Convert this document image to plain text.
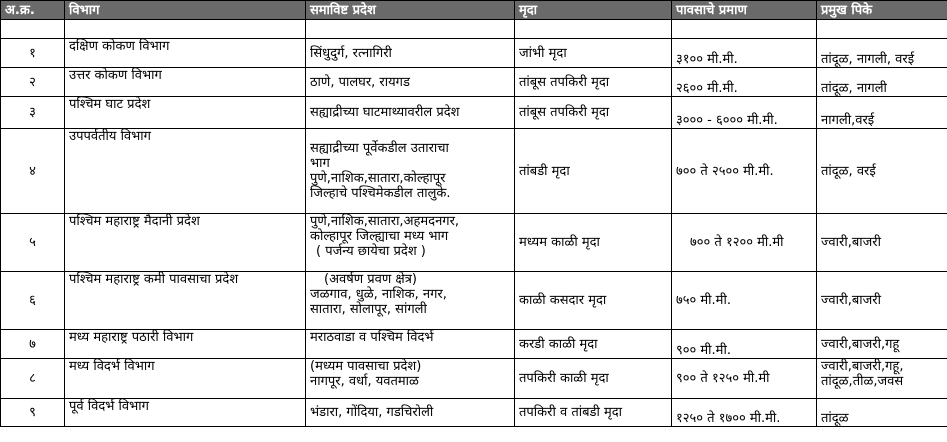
अ.क्र.	विभाग	समाविष्ट प्रदेश	मृदा	पावसाचे प्रमाण	प्रमुख पिके

१	दक्षिण कोकण विभाग	सिंधुदुर्ग, रत्नागिरी	जांभी मृदा	३१०० मी.मी.	तांदूळ, नागली, वरई

२	उत्तर कोकण विभाग	ठाणे, पालघर, रायगड	तांबूस तपकिरी मृदा	२६०० मी.मी.	तांदूळ, नागली

३	पश्चिम घाट प्रदेश	सह्याद्रीच्या घाटमाथ्यावरील प्रदेश	तांबूस तपकिरी मृदा	३००० - ६००० मी.मी.	नागली,वरई

४	उपपर्वतीय विभाग	सह्याद्रीच्या पूर्वेकडील उताराचा
भाग
पुणे,नाशिक,सातारा,कोल्हापूर
जिल्हाचे पश्चिमेकडील तालुके.	तांबडी मृदा	७०० ते २५०० मी.मी.	तांदूळ, वरई

५	पश्चिम महाराष्ट्र मैदानी प्रदेश	पुणे,नाशिक,सातारा,अहमदनगर,
कोल्हापूर जिल्ह्याचा मध्य भाग
( पर्जन्य छायेचा प्रदेश )	मध्यम काळी मृदा	७०० ते १२०० मी.मी	ज्वारी,बाजरी

६	पश्चिम महाराष्ट्र कमी पावसाचा प्रदेश	(अवर्षण प्रवण क्षेत्र)
जळगाव, धुळे, नाशिक, नगर,
सातारा, सोलापूर, सांगली	काळी कसदार मृदा	७५० मी.मी.	ज्वारी,बाजरी

७	मध्य महाराष्ट्र पठारी विभाग	मराठवाडा व पश्चिम विदर्भ	करडी काळी मृदा	९०० मी.मी.	ज्वारी,बाजरी,गहू

८	मध्य विदर्भ विभाग	(मध्यम पावसाचा प्रदेश)
नागपूर, वर्धा, यवतमाळ	तपकिरी काळी मृदा	९०० ते १२५० मी.मी	ज्वारी,बाजरी,गहू,
तांदूळ,तीळ,जवस

९	पूर्व विदर्भ विभाग	भंडारा, गोंदिया, गडचिरोली	तपकिरी व तांबडी मृदा	१२५० ते १७०० मी.मी.	तांदूळ
